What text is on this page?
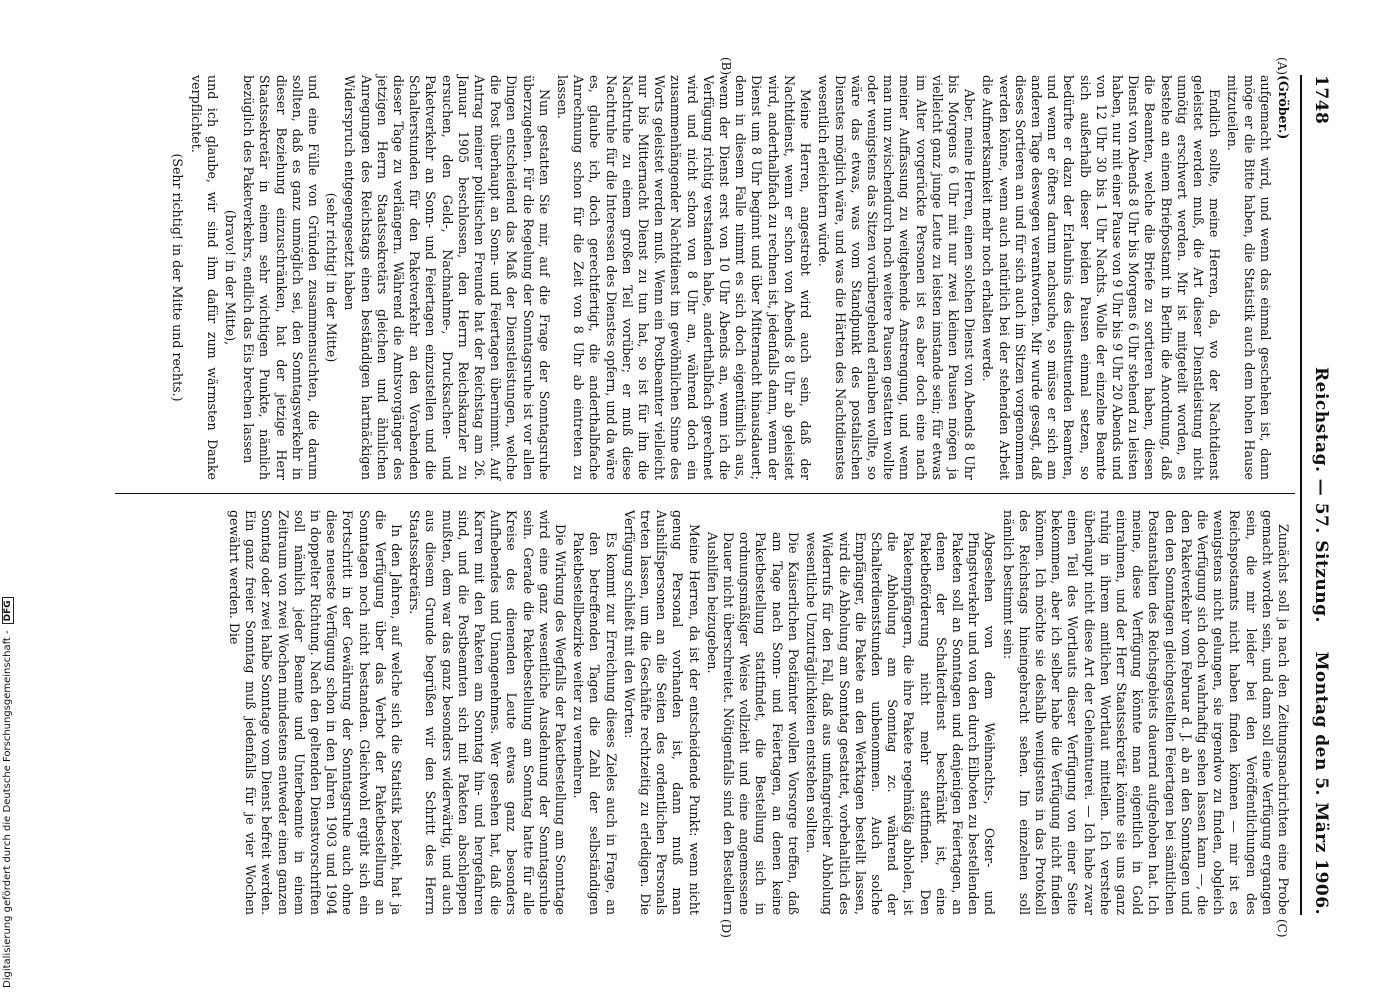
1748
Reichstag. — 57. Sitzung.
Montag den 5. März 1906.
(A)
(B)
(C)
(D)

(Gröber.)

aufgemacht wird, und wenn das einmal geschehen ist, dann möge er die Bitte haben, die Statistik auch dem hohen Hause mitzuteilen.

Endlich sollte, meine Herren, da, wo der Nachtdienst geleistet werden muß, die Art dieser Dienstleistung nicht unnötig erschwert werden. Mir ist mitgeteilt worden, es bestehe an einem Briefpostamt in Berlin die Anordnung, daß die Beamten, welche die Briefe zu sortieren haben, diesen Dienst von Abends 8 Uhr bis Morgens 6 Uhr stehend zu leisten haben, nur mit einer Pause von 9 Uhr bis 9 Uhr 20 Abends und von 12 Uhr 30 bis 1 Uhr Nachts. Wolle der einzelne Beamte sich außerhalb dieser beiden Pausen einmal setzen, so bedürfte er dazu der Erlaubnis des diensttuenden Beamten, und wenn er öfters darum nachsuche, so müsse er sich am anderen Tage deswegen verantworten. Mir wurde gesagt, daß dieses Sortieren an und für sich auch im Sitzen vorgenommen werden könne, wenn auch natürlich bei der stehenden Arbeit die Aufmerksamkeit mehr noch erhalten werde.

Aber, meine Herren, einen solchen Dienst von Abends 8 Uhr bis Morgens 6 Uhr mit nur zwei kleinen Pausen mögen ja vielleicht ganz junge Leute zu leisten imstande sein; für etwas im Alter vorgerückte Personen ist es aber doch eine nach meiner Auffassung zu weitgehende Anstrengung, und wenn man nun zwischendurch noch weitere Pausen gestatten wollte oder wenigstens das Sitzen vorübergehend erlauben wollte, so wäre das etwas, was vom Standpunkt des postalischen Dienstes möglich wäre, und was die Härten des Nachtdienstes wesentlich erleichtern würde.

Meine Herren, angestrebt wird auch sein, daß der Nachtdienst, wenn er schon von Abends 8 Uhr ab geleistet wird, anderthalbfach zu rechnen ist, jedenfalls dann, wenn der Dienst um 8 Uhr beginnt und über Mitternacht hinausdauert; denn in diesem Falle nimmt es sich doch eigentümlich aus, wenn der Dienst erst von 10 Uhr Abends an, wenn ich die Verfügung richtig verstanden habe, anderthalbfach gerechnet wird und nicht schon von 8 Uhr an, während doch ein zusammenhängender Nachtdienst im gewöhnlichen Sinne des Worts geleistet werden muß. Wenn ein Postbeamter vielleicht nur bis Mitternacht Dienst zu tun hat, so ist für ihn die Nachtruhe zu einem großen Teil vorüber; er muß diese Nachtruhe für die Interessen des Dienstes opfern, und da wäre es, glaube ich, doch gerechtfertigt, die anderthalbfache Anrechnung schon für die Zeit von 8 Uhr ab eintreten zu lassen.

Nun gestatten Sie mir, auf die Frage der Sonntagsruhe überzugehen. Für die Regelung der Sonntagsruhe ist vor allen Dingen entscheidend das Maß der Dienstleistungen, welche die Post überhaupt an Sonn- und Feiertagen übernimmt. Auf Antrag meiner politischen Freunde hat der Reichstag am 26. Januar 1905 beschlossen, den Herrn Reichskanzler zu ersuchen, den Geld-, Nachnahme-, Drucksachen- und Paketverkehr an Sonn- und Feiertagen einzustellen und die Schalterstunden für den Paketverkehr an den Vorabenden dieser Tage zu verlängern. Während die Amtsvorgänger des jetzigen Herrn Staatssekretärs gleichen und ähnlichen Anregungen des Reichstags einen beständigen hartnäckigen Widerspruch entgegengesetzt haben

(sehr richtig! in der Mitte)

und eine Fülle von Gründen zusammensuchten, die darum sollten, daß es ganz unmöglich sei, den Sonntagsverkehr in dieser Beziehung einzuschränken, hat der jetzige Herr Staatssekretär in einem sehr wichtigen Punkte, nämlich bezüglich des Paketverkehrs, endlich das Eis brechen lassen

(bravo! in der Mitte),

und ich glaube, wir sind ihm dafür zum wärmsten Danke verpflichtet.

(Sehr richtig! in der Mitte und rechts.)

Zunächst soll ja nach den Zeitungsnachrichten eine Probe gemacht worden sein, und dann soll eine Verfügung ergangen sein, die mir leider bei den Veröffentlichungen des Reichspostamts nicht haben finden können — mir ist es wenigstens nicht gelungen, sie irgendwo zu finden, obgleich die Verfügung sich doch wahrhaftig sehen lassen kann —, die den Paketverkehr vom Februar d. J. ab an den Sonntagen und den den Sonntagen gleichgestellten Feiertagen bei sämtlichen Postanstalten des Reichsgebiets dauernd aufgehoben hat. Ich meine, diese Verfügung könnte man eigentlich in Gold einrahmen, und der Herr Staatssekretär könnte sie uns ganz ruhig in ihrem amtlichen Wortlaut mitteilen. Ich verstehe überhaupt nicht diese Art der Geheimtuerei. — Ich habe zwar einen Teil des Wortlauts dieser Verfügung von einer Seite bekommen, aber ich selber habe die Verfügung nicht finden können. Ich möchte sie deshalb wenigstens in das Protokoll des Reichstags hineingebracht sehen. Im einzelnen soll nämlich bestimmt sein:

Abgesehen von dem Weihnachts-, Oster- und Pfingstverkehr und von den durch Eilboten zu bestellenden Paketen soll an Sonntagen und denjenigen Feiertagen, an denen der Schalterdienst beschränkt ist, eine Paketbeförderung nicht mehr stattfinden. Den Paketempfängern, die ihre Pakete regelmäßig abholen, ist die Abholung am Sonntag zc. während der Schalterdienststunden unbenommen. Auch solche Empfänger, die Pakete an den Werktagen bestellt lassen, wird die Abholung am Sonntag gestattet, vorbehaltlich des Widerrufs für den Fall, daß aus umfangreicher Abholung wesentliche Unzuträglichkeiten entstehen sollten.

Die Kaiserlichen Postämter wollen Vorsorge treffen, daß am Tage nach Sonn- und Feiertagen, an denen keine Paketbestellung stattfindet, die Bestellung sich in ordnungsmäßiger Weise vollzieht und eine angemessene Dauer nicht überschreitet. Nötigenfalls sind den Bestellern Aushilfen beizugeben.

Meine Herren, da ist der entscheidende Punkt: wenn nicht genug Personal vorhanden ist, dann muß man Aushilfspersonen an die Seiten des ordentlichen Personals treten lassen, um die Geschäfte rechtzeitig zu erledigen. Die Verfügung schließt mit den Worten:

Es kommt zur Erreichung dieses Zieles auch in Frage, an den betreffenden Tagen die Zahl der selbständigen Paketbestellbezirke weiter zu vermehren.

Die Wirkung des Wegfalls der Paketbestellung am Sonntage wird eine ganz wesentliche Ausdehnung der Sonntagsruhe sein. Gerade die Paketbestellung am Sonntag hatte für alle Kreise des dienenden Leute etwas ganz besonders Aufhebendes und Unangenehmes. Wer gesehen hat, daß die Karren mit den Paketen am Sonntag hin- und hergefahren sind, und die Postbeamten sich mit Paketen abschleppen mußten, dem war das ganz besonders widerwärtig, und auch aus diesem Grunde begrüßen wir den Schritt des Herrn Staatssekretärs.

In den Jahren, auf welche sich die Statistik bezieht, hat ja die Verfügung über das Verbot der Paketbestellung an Sonntagen noch nicht bestanden. Gleichwohl ergibt sich ein Fortschritt in der Gewährung der Sonntagsruhe auch ohne diese neueste Verfügung schon in den Jahren 1903 und 1904 in doppelter Richtung. Nach den geltenden Dienstvorschriften soll nämlich jeder Beamte und Unterbeamte in einem Zeitraum von zwei Wochen mindestens entweder einen ganzen Sonntag oder zwei halbe Sonntage vom Dienst befreit werden. Ein ganz freier Sonntag muß jedenfalls für je vier Wochen gewährt werden. Die

Digitalisierung gefördert durch die Deutsche Forschungsgemeinschaft -DFG
